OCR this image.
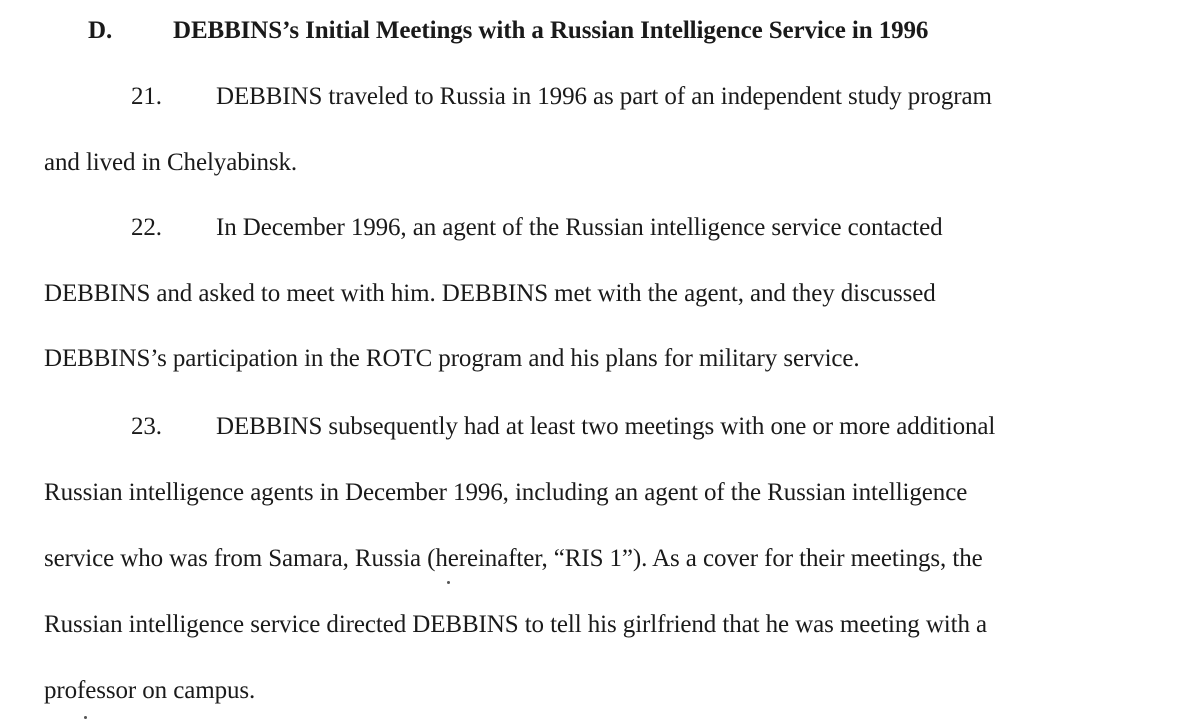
D. DEBBINS’s Initial Meetings with a Russian Intelligence Service in 1996
21. DEBBINS traveled to Russia in 1996 as part of an independent study program
and lived in Chelyabinsk.
22. In December 1996, an agent of the Russian intelligence service contacted
DEBBINS and asked to meet with him. DEBBINS met with the agent, and they discussed
DEBBINS’s participation in the ROTC program and his plans for military service.
23. DEBBINS subsequently had at least two meetings with one or more additional
Russian intelligence agents in December 1996, including an agent of the Russian intelligence
service who was from Samara, Russia (hereinafter, “RIS 1”). As a cover for their meetings, the
Russian intelligence service directed DEBBINS to tell his girlfriend that he was meeting with a
professor on campus.
